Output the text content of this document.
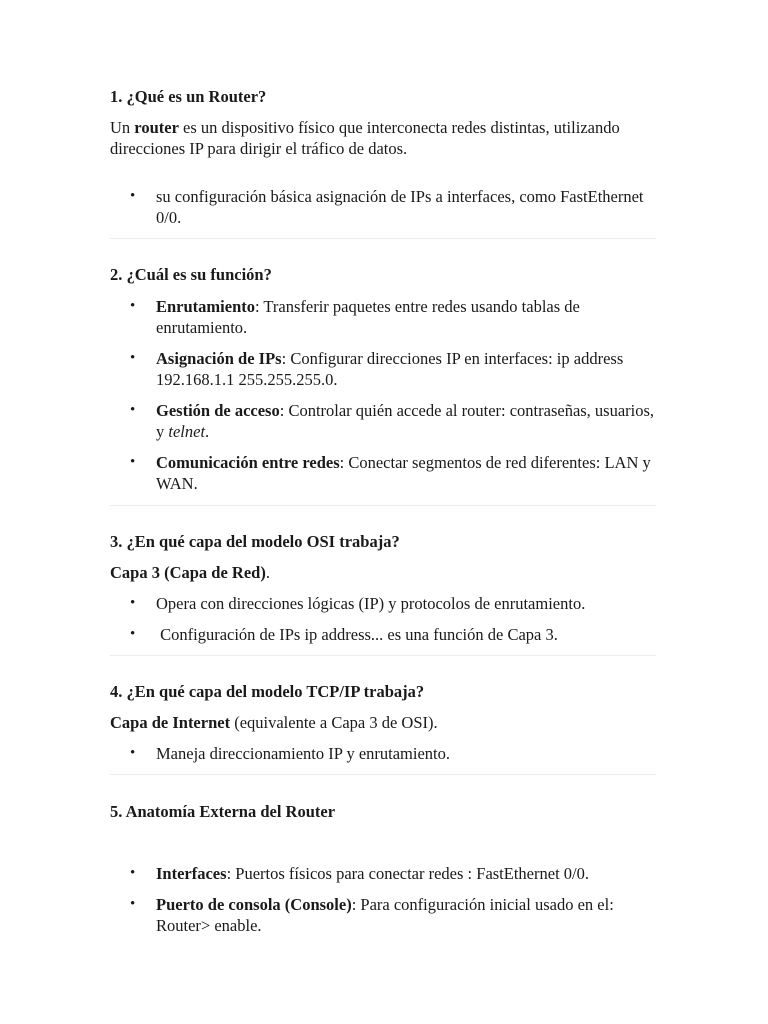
1. ¿Qué es un Router?

Un router es un dispositivo físico que interconecta redes distintas, utilizando direcciones IP para dirigir el tráfico de datos.

• su configuración básica asignación de IPs a interfaces, como FastEthernet 0/0.
2. ¿Cuál es su función?
• Enrutamiento: Transferir paquetes entre redes usando tablas de enrutamiento.
• Asignación de IPs: Configurar direcciones IP en interfaces: ip address 192.168.1.1 255.255.255.0.
• Gestión de acceso: Controlar quién accede al router: contraseñas, usuarios, y telnet.
• Comunicación entre redes: Conectar segmentos de red diferentes: LAN y WAN.
3. ¿En qué capa del modelo OSI trabaja?

Capa 3 (Capa de Red).

• Opera con direcciones lógicas (IP) y protocolos de enrutamiento.
•  Configuración de IPs ip address... es una función de Capa 3.
4. ¿En qué capa del modelo TCP/IP trabaja?

Capa de Internet (equivalente a Capa 3 de OSI).

• Maneja direccionamiento IP y enrutamiento.
5. Anatomía Externa del Router
• Interfaces: Puertos físicos para conectar redes : FastEthernet 0/0.
• Puerto de consola (Console): Para configuración inicial usado en el: Router> enable.
